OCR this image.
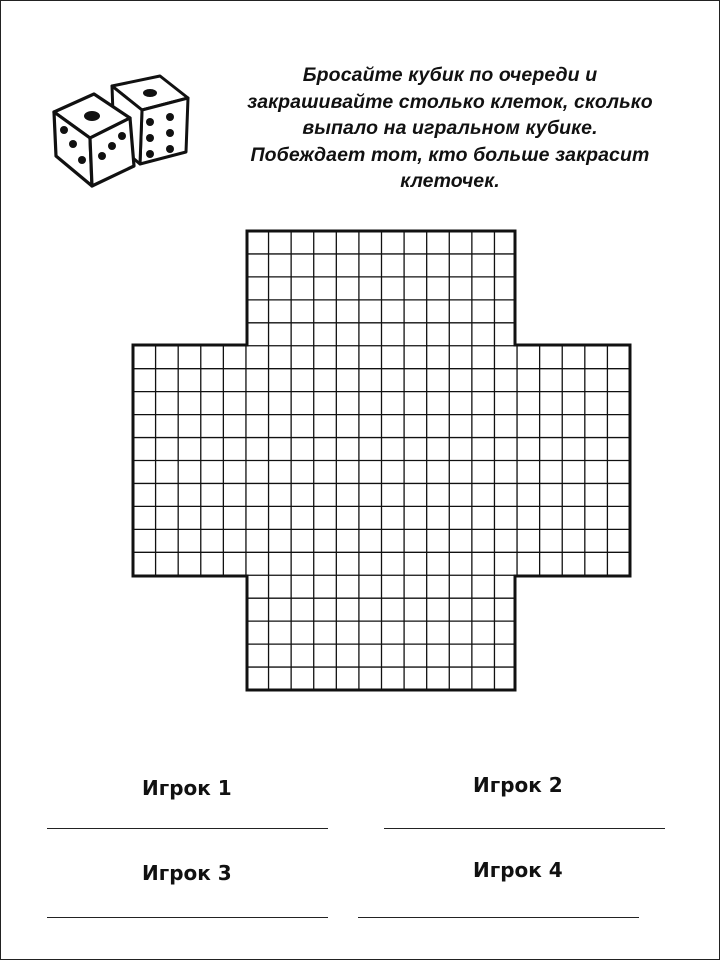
Бросайте кубик по очереди и
закрашивайте столько клеток, сколько
выпало на игральном кубике.
Побеждает тот, кто больше закрасит
клеточек.
Игрок 1	Игрок 2
Игрок 3	Игрок 4
